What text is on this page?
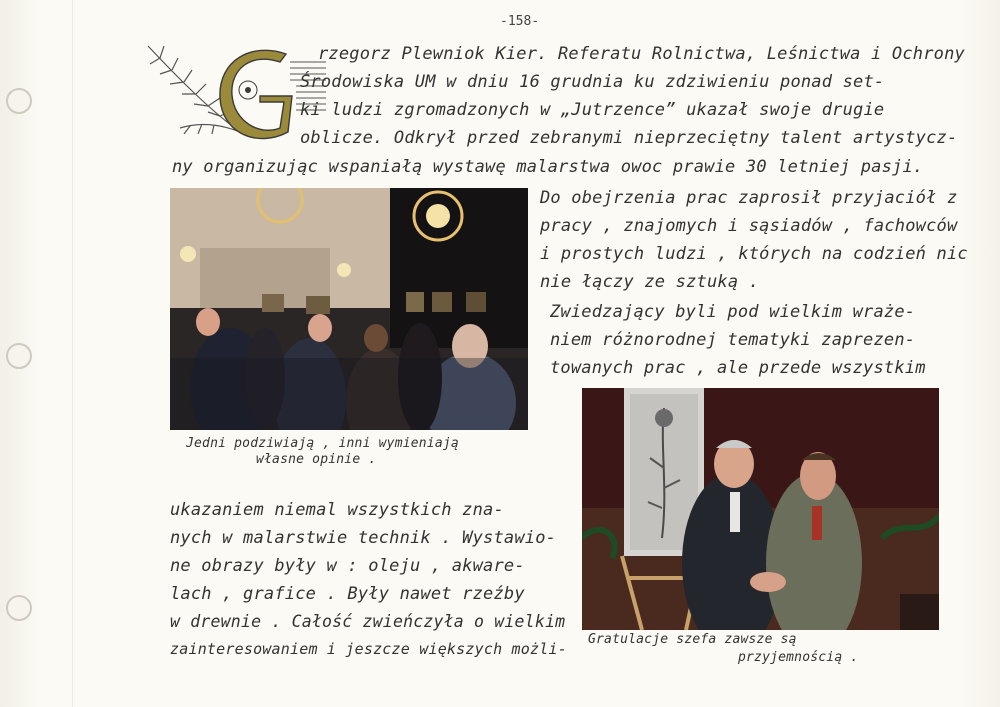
-158-
rzegorz Plewniok Kier. Referatu Rolnictwa, Leśnictwa i Ochrony
Środowiska UM w dniu 16 grudnia ku zdziwieniu ponad set-
ki ludzi zgromadzonych w „Jutrzence” ukazał swoje drugie
oblicze. Odkrył przed zebranymi nieprzeciętny talent artystycz-
ny organizując wspaniałą wystawę malarstwa owoc prawie 30 letniej pasji.
Jedni podziwiają , inni wymieniają
własne opinie .
Do obejrzenia prac zaprosił przyjaciół z
pracy , znajomych i sąsiadów , fachowców
i prostych ludzi , których na codzień nic
nie łączy ze sztuką .
Zwiedzający byli pod wielkim wraże-
niem różnorodnej tematyki zaprezen-
towanych prac , ale przede wszystkim
Gratulacje szefa zawsze są
przyjemnością .
ukazaniem niemal wszystkich zna-
nych w malarstwie technik . Wystawio-
ne obrazy były w : oleju , akware-
lach , grafice . Były nawet rzeźby
w drewnie . Całość zwieńczyła o wielkim
zainteresowaniem i jeszcze większych możli-
